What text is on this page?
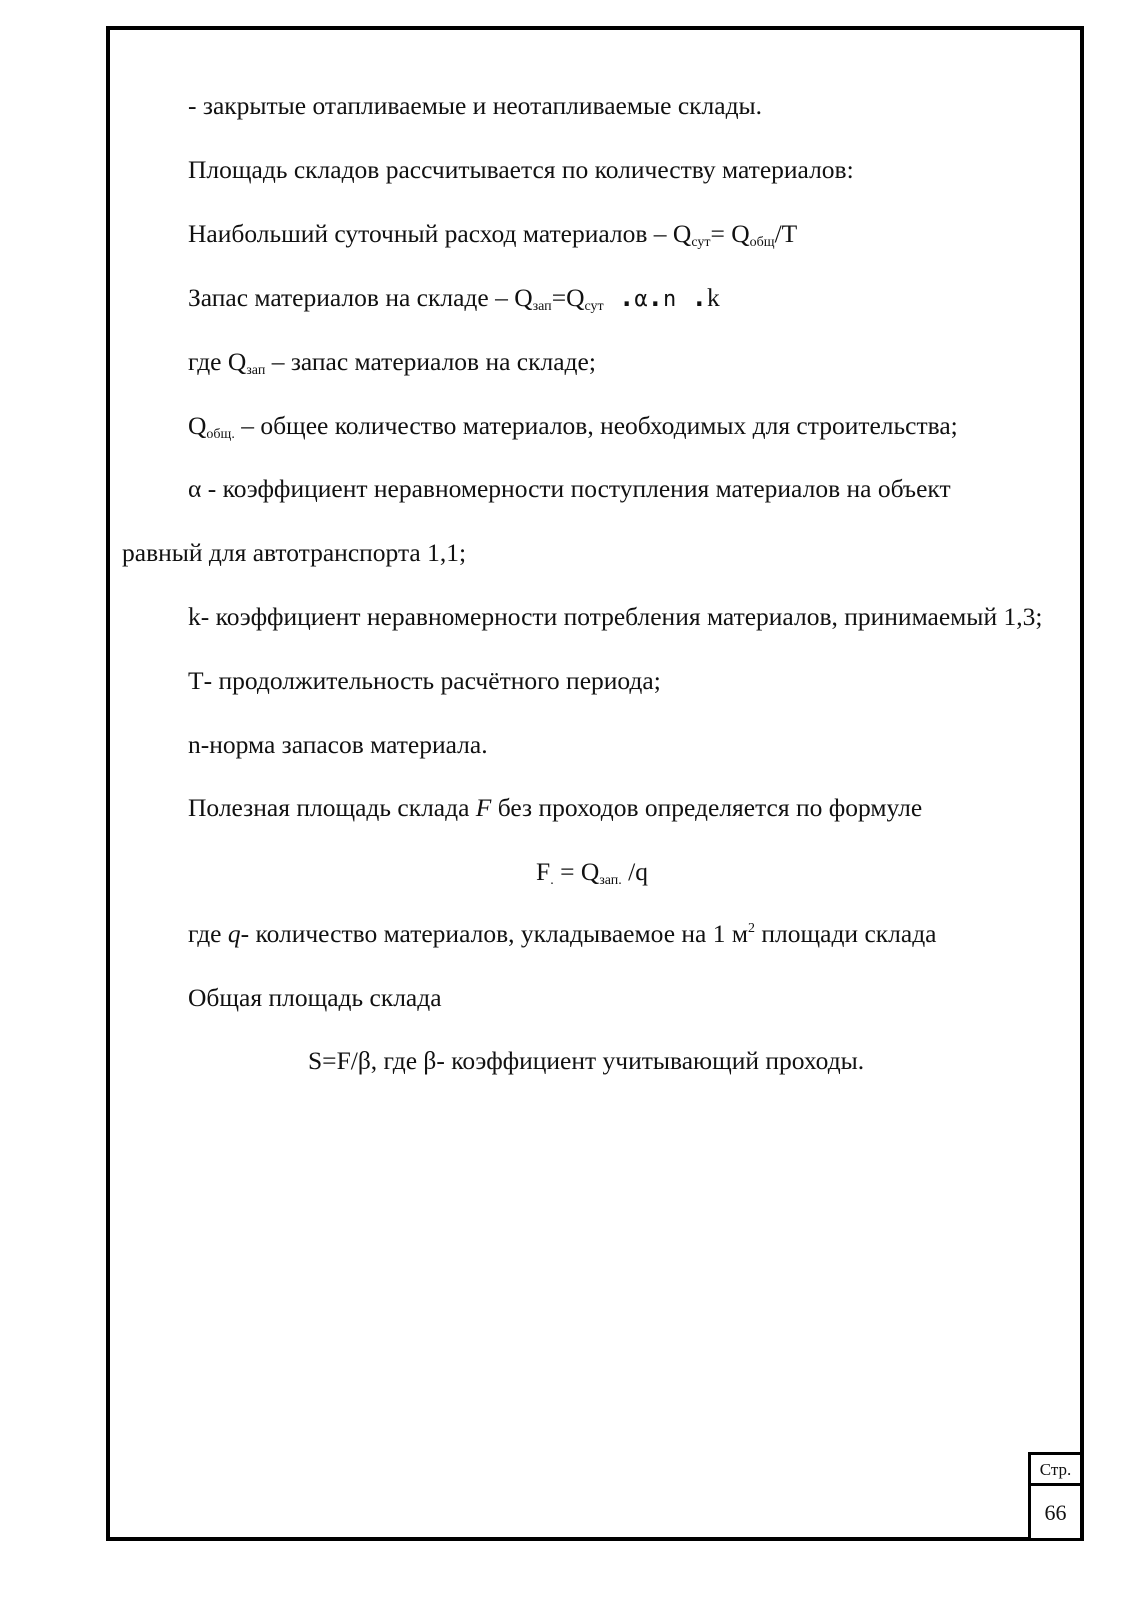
- закрытые отапливаемые и неотапливаемые склады.
Площадь складов рассчитывается по количеству материалов:
Наибольший суточный расход материалов – $Q_{сут}= Q_{общ}/T$
Запас материалов на складе – $Q_{зап}=Q_{сут}$ .α.n .k
где $Q_{зап}$ – запас материалов на складе;
$Q_{общ.}$ – общее количество материалов, необходимых для строительства;
α - коэффициент неравномерности поступления материалов на объект
равный для автотранспорта 1,1;
k- коэффициент неравномерности потребления материалов, принимаемый 1,3;
Т- продолжительность расчётного периода;
n-норма запасов материала.
Полезная площадь склада F без проходов определяется по формуле
$F_. = Q_{зап.}$ /q
где q- количество материалов, укладываемое на 1 $м^2$ площади склада
Общая площадь склада
S=F/β, где β- коэффициент учитывающий проходы.
Стр.
66
